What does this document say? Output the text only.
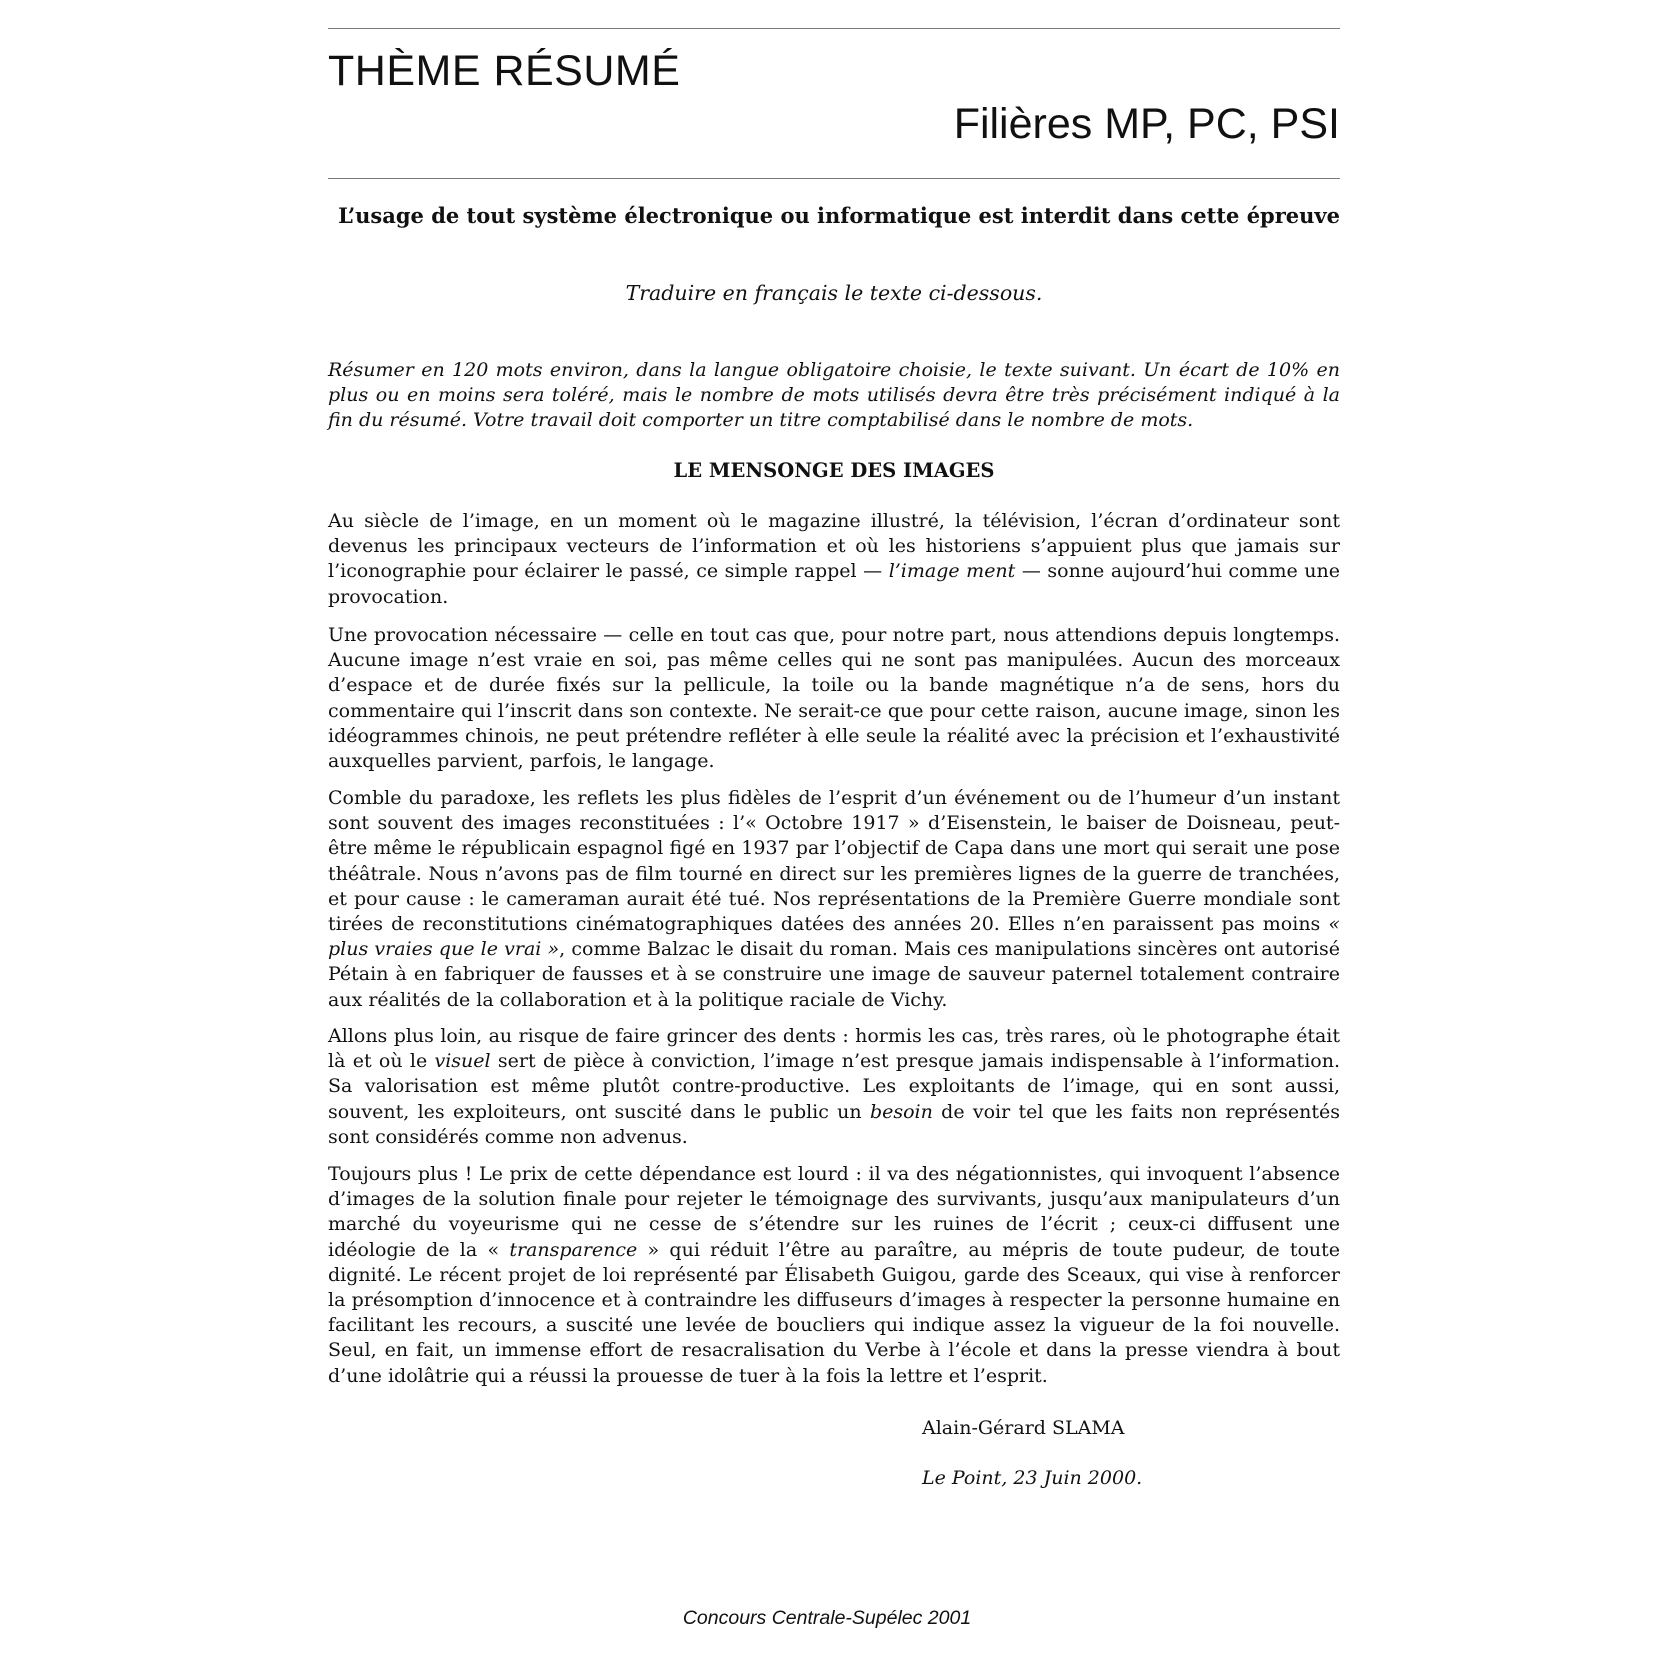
THÈME RÉSUMÉ
Filières MP, PC, PSI
L’usage de tout système électronique ou informatique est interdit dans cette épreuve
Traduire en français le texte ci-dessous.

Résumer en 120 mots environ, dans la langue obligatoire choisie, le texte suivant. Un écart de 10% en plus ou en moins sera toléré, mais le nombre de mots utilisés devra être très précisément indiqué à la fin du résumé. Votre travail doit comporter un titre comptabilisé dans le nombre de mots.

LE MENSONGE DES IMAGES

Au siècle de l’image, en un moment où le magazine illustré, la télévision, l’écran d’ordinateur sont devenus les principaux vecteurs de l’information et où les historiens s’appuient plus que jamais sur l’iconographie pour éclairer le passé, ce simple rappel — l’image ment — sonne aujourd’hui comme une provocation.

Une provocation nécessaire — celle en tout cas que, pour notre part, nous attendions depuis longtemps. Aucune image n’est vraie en soi, pas même celles qui ne sont pas manipulées. Aucun des morceaux d’espace et de durée fixés sur la pellicule, la toile ou la bande magnétique n’a de sens, hors du commentaire qui l’inscrit dans son contexte. Ne serait-ce que pour cette raison, aucune image, sinon les idéogrammes chinois, ne peut prétendre refléter à elle seule la réalité avec la précision et l’exhaustivité auxquelles parvient, parfois, le langage.

Comble du paradoxe, les reflets les plus fidèles de l’esprit d’un événement ou de l’humeur d’un instant sont souvent des images reconstituées : l’« Octobre 1917 » d’Eisenstein, le baiser de Doisneau, peut-être même le républicain espagnol figé en 1937 par l’objectif de Capa dans une mort qui serait une pose théâtrale. Nous n’avons pas de film tourné en direct sur les premières lignes de la guerre de tranchées, et pour cause : le cameraman aurait été tué. Nos représentations de la Première Guerre mondiale sont tirées de reconstitutions cinématographiques datées des années 20. Elles n’en paraissent pas moins « plus vraies que le vrai », comme Balzac le disait du roman. Mais ces manipulations sincères ont autorisé Pétain à en fabriquer de fausses et à se construire une image de sauveur paternel totalement contraire aux réalités de la collaboration et à la politique raciale de Vichy.

Allons plus loin, au risque de faire grincer des dents : hormis les cas, très rares, où le photographe était là et où le visuel sert de pièce à conviction, l’image n’est presque jamais indispensable à l’information. Sa valorisation est même plutôt contre-productive. Les exploitants de l’image, qui en sont aussi, souvent, les exploiteurs, ont suscité dans le public un besoin de voir tel que les faits non représentés sont considérés comme non advenus.

Toujours plus ! Le prix de cette dépendance est lourd : il va des négationnistes, qui invoquent l’absence d’images de la solution finale pour rejeter le témoignage des survivants, jusqu’aux manipulateurs d’un marché du voyeurisme qui ne cesse de s’étendre sur les ruines de l’écrit ; ceux-ci diffusent une idéologie de la « transparence » qui réduit l’être au paraître, au mépris de toute pudeur, de toute dignité. Le récent projet de loi représenté par Élisabeth Guigou, garde des Sceaux, qui vise à renforcer la présomption d’innocence et à contraindre les diffuseurs d’images à respecter la personne humaine en facilitant les recours, a suscité une levée de boucliers qui indique assez la vigueur de la foi nouvelle. Seul, en fait, un immense effort de resacralisation du Verbe à l’école et dans la presse viendra à bout d’une idolâtrie qui a réussi la prouesse de tuer à la fois la lettre et l’esprit.

Alain-Gérard SLAMA
Le Point, 23 Juin 2000.
Concours Centrale-Supélec 2001
